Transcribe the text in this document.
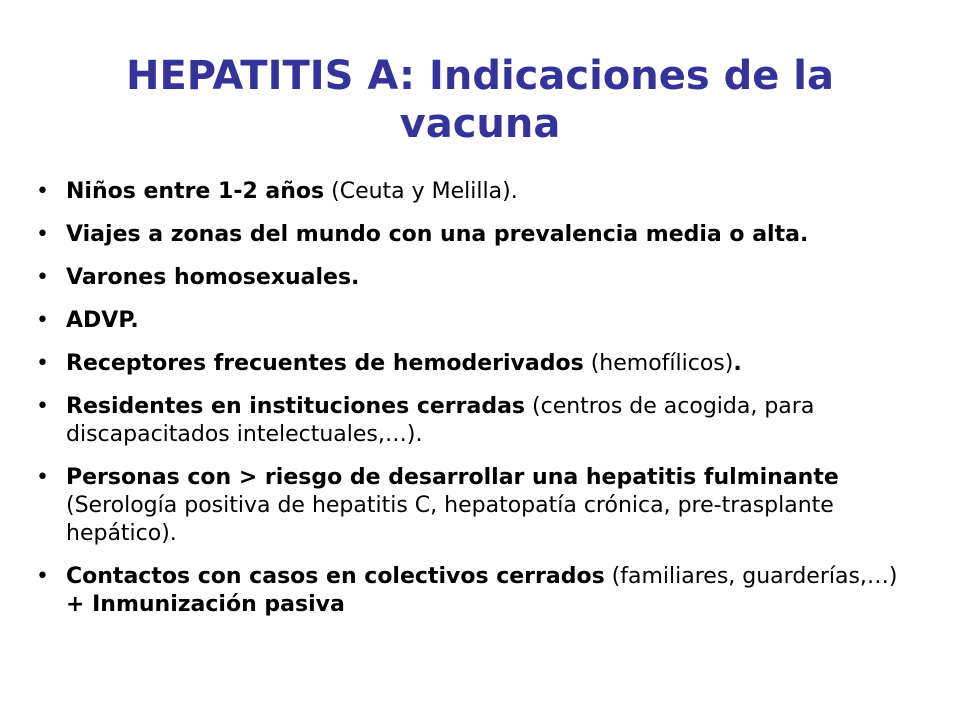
HEPATITIS A: Indicaciones de la vacuna
• Niños entre 1-2 años (Ceuta y Melilla).
• Viajes a zonas del mundo con una prevalencia media o alta.
• Varones homosexuales.
• ADVP.
• Receptores frecuentes de hemoderivados (hemofílicos).
• Residentes en instituciones cerradas (centros de acogida, para discapacitados intelectuales,…).
• Personas con > riesgo de desarrollar una hepatitis fulminante (Serología positiva de hepatitis C, hepatopatía crónica, pre-trasplante hepático).
• Contactos con casos en colectivos cerrados (familiares, guarderías,…) + Inmunización pasiva
